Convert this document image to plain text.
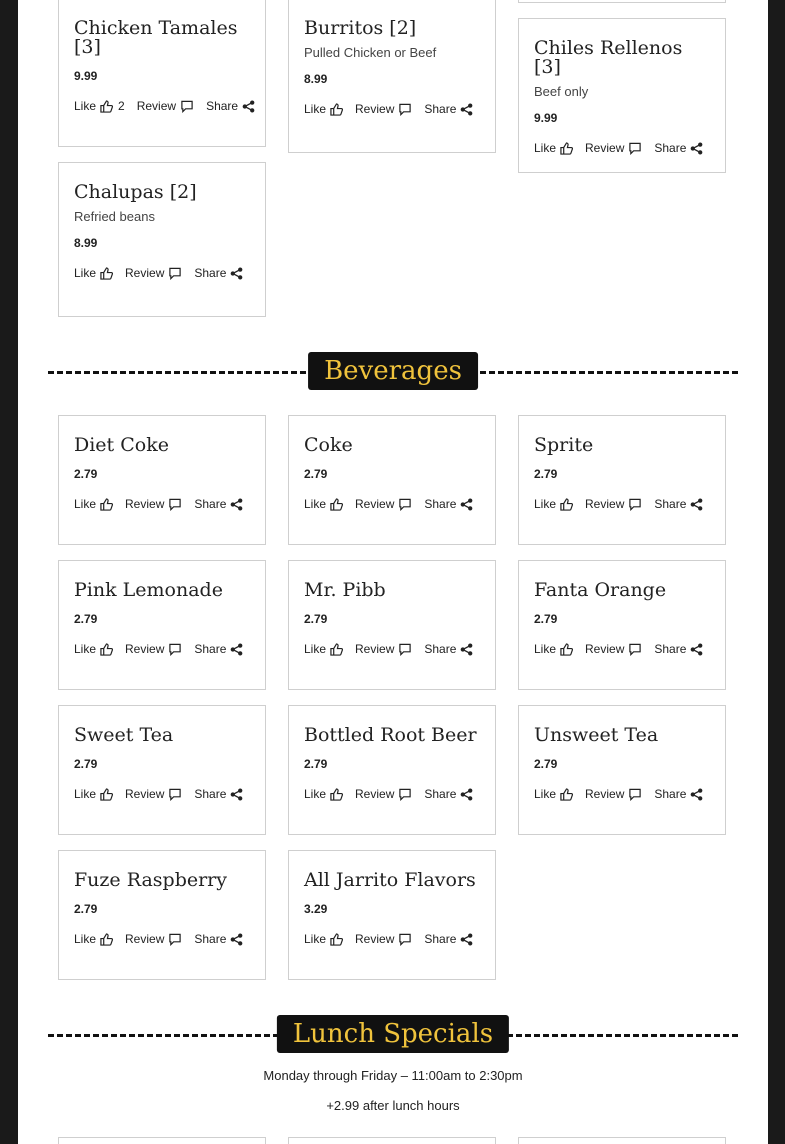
Chicken Tamales [3]
9.99
Like 2 Review	Share
Burritos [2]
Pulled Chicken or Beef
8.99
Like Review	Share
Chiles Rellenos [3]
Beef only
9.99
Like Review	Share
Chalupas [2]
Refried beans
8.99
Like Review	Share
Beverages
Diet Coke
2.79
Like Review	Share
Coke
2.79
Like Review	Share
Sprite
2.79
Like Review	Share
Pink Lemonade
2.79
Like Review	Share
Mr. Pibb
2.79
Like Review	Share
Fanta Orange
2.79
Like Review	Share
Sweet Tea
2.79
Like Review	Share
Bottled Root Beer
2.79
Like Review	Share
Unsweet Tea
2.79
Like Review	Share
Fuze Raspberry
2.79
Like Review	Share
All Jarrito Flavors
3.29
Like Review	Share
Lunch Specials
Monday through Friday – 11:00am to 2:30pm
+2.99 after lunch hours
